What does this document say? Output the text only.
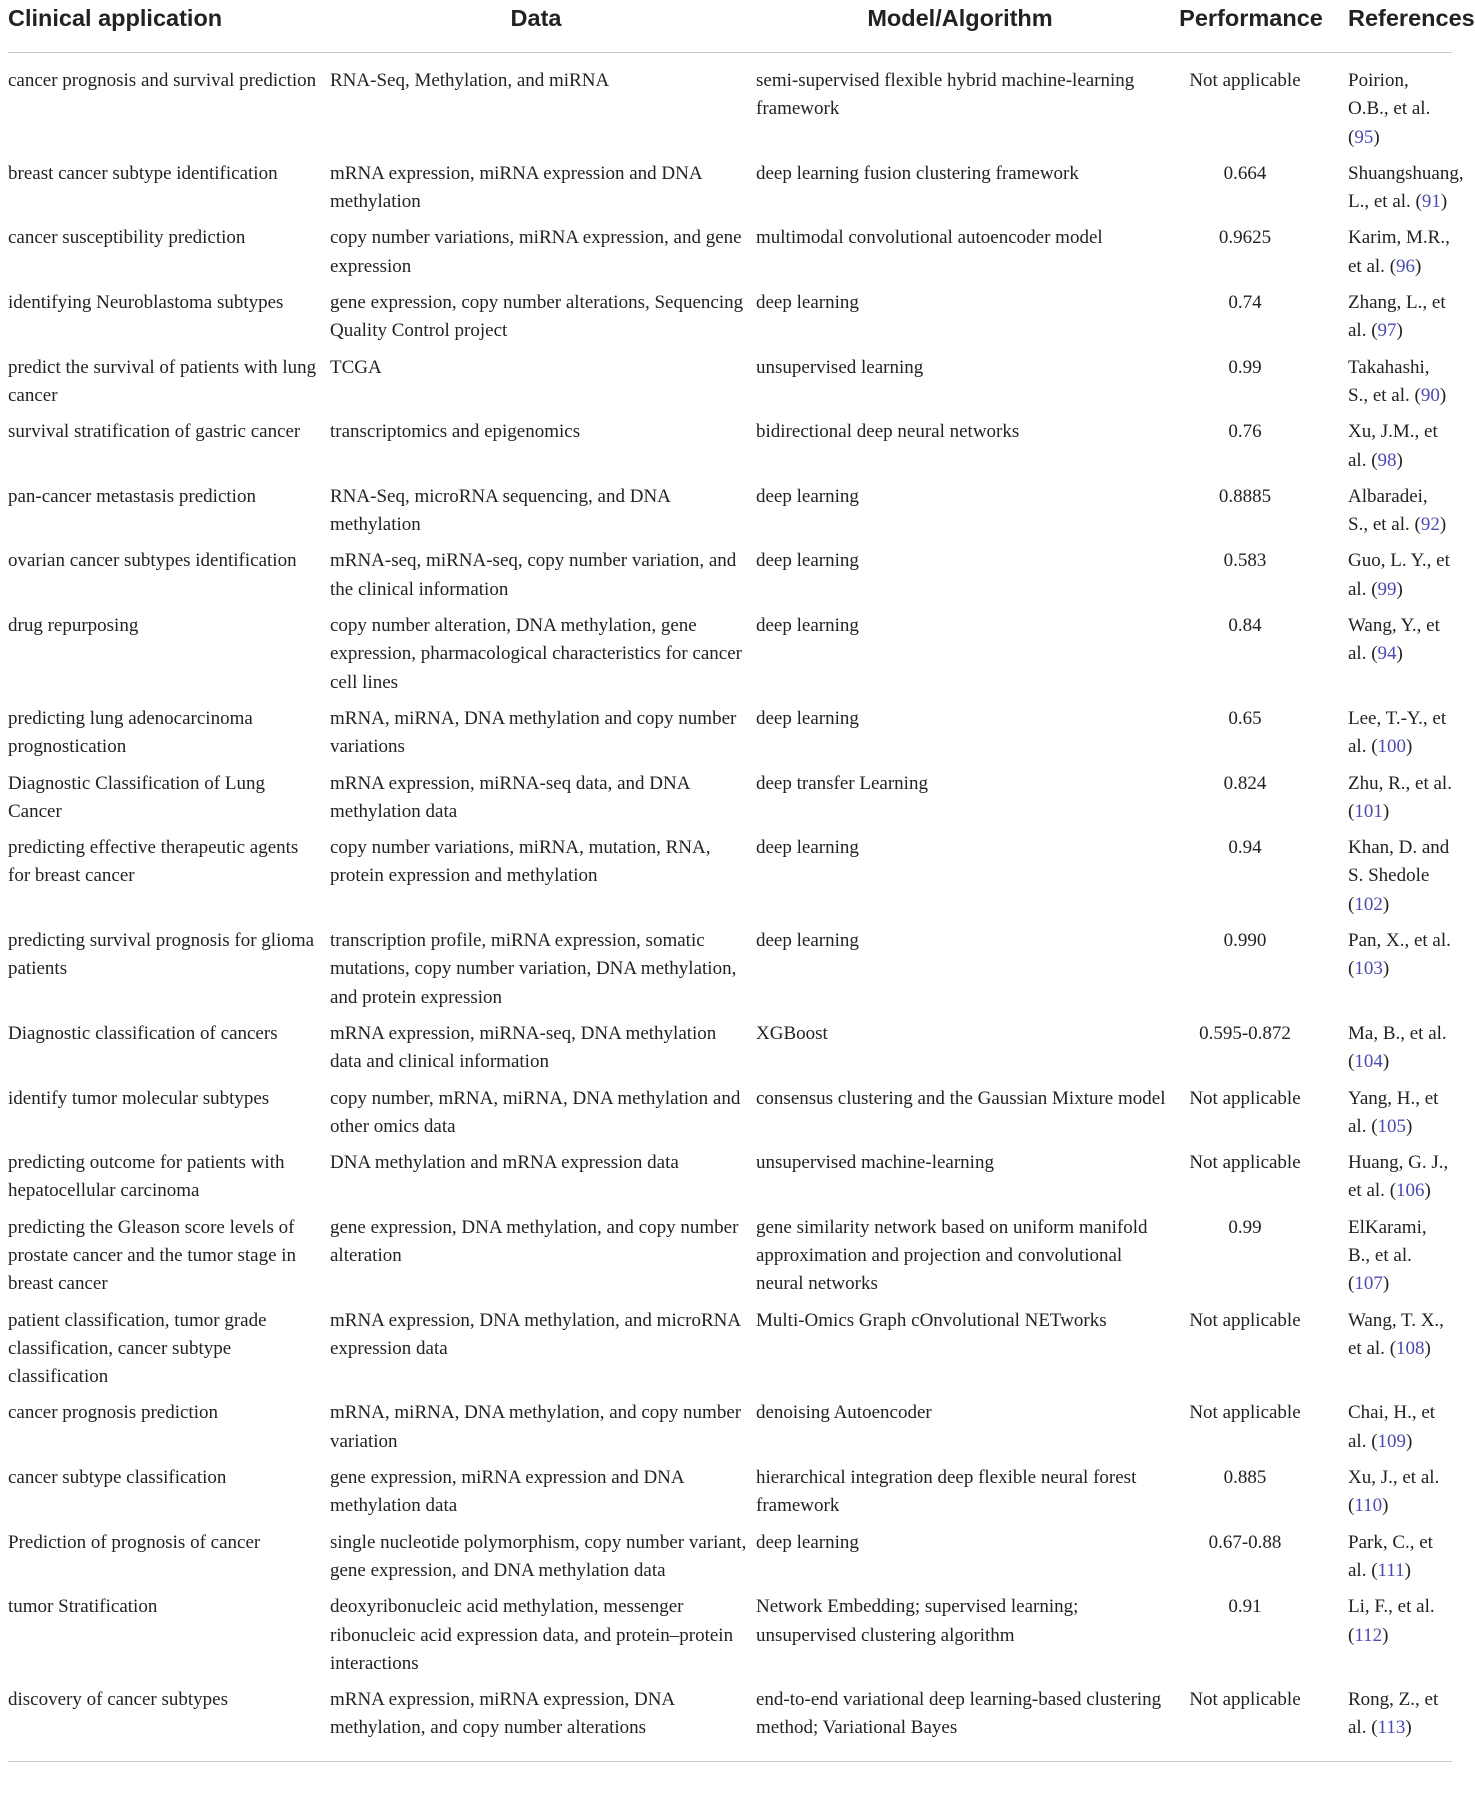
Clinical application	Data	Model/Algorithm	Performance	References
cancer prognosis and survival prediction	RNA-Seq, Methylation, and miRNA	semi-supervised flexible hybrid machine-learning framework	Not applicable	Poirion, O.B., et al. (95)
breast cancer subtype identification	mRNA expression, miRNA expression and DNA methylation	deep learning fusion clustering framework	0.664	Shuangshuang, L., et al. (91)
cancer susceptibility prediction	copy number variations, miRNA expression, and gene expression	multimodal convolutional autoencoder model	0.9625	Karim, M.R., et al. (96)
identifying Neuroblastoma subtypes	gene expression, copy number alterations, Sequencing Quality Control project	deep learning	0.74	Zhang, L., et al. (97)
predict the survival of patients with lung cancer	TCGA	unsupervised learning	0.99	Takahashi, S., et al. (90)
survival stratification of gastric cancer	transcriptomics and epigenomics	bidirectional deep neural networks	0.76	Xu, J.M., et al. (98)
pan-cancer metastasis prediction	RNA-Seq, microRNA sequencing, and DNA methylation	deep learning	0.8885	Albaradei, S., et al. (92)
ovarian cancer subtypes identification	mRNA-seq, miRNA-seq, copy number variation, and the clinical information	deep learning	0.583	Guo, L. Y., et al. (99)
drug repurposing	copy number alteration, DNA methylation, gene expression, pharmacological characteristics for cancer cell lines	deep learning	0.84	Wang, Y., et al. (94)
predicting lung adenocarcinoma prognostication	mRNA, miRNA, DNA methylation and copy number variations	deep learning	0.65	Lee, T.-Y., et al. (100)
Diagnostic Classification of Lung Cancer	mRNA expression, miRNA-seq data, and DNA methylation data	deep transfer Learning	0.824	Zhu, R., et al. (101)
predicting effective therapeutic agents for breast cancer	copy number variations, miRNA, mutation, RNA, protein expression and methylation	deep learning	0.94	Khan, D. and S. Shedole (102)
predicting survival prognosis for glioma patients	transcription profile, miRNA expression, somatic mutations, copy number variation, DNA methylation, and protein expression	deep learning	0.990	Pan, X., et al. (103)
Diagnostic classification of cancers	mRNA expression, miRNA-seq, DNA methylation data and clinical information	XGBoost	0.595-0.872	Ma, B., et al. (104)
identify tumor molecular subtypes	copy number, mRNA, miRNA, DNA methylation and other omics data	consensus clustering and the Gaussian Mixture model	Not applicable	Yang, H., et al. (105)
predicting outcome for patients with hepatocellular carcinoma	DNA methylation and mRNA expression data	unsupervised machine-learning	Not applicable	Huang, G. J., et al. (106)
predicting the Gleason score levels of prostate cancer and the tumor stage in breast cancer	gene expression, DNA methylation, and copy number alteration	gene similarity network based on uniform manifold approximation and projection and convolutional neural networks	0.99	ElKarami, B., et al. (107)
patient classification, tumor grade classification, cancer subtype classification	mRNA expression, DNA methylation, and microRNA expression data	Multi-Omics Graph cOnvolutional NETworks	Not applicable	Wang, T. X., et al. (108)
cancer prognosis prediction	mRNA, miRNA, DNA methylation, and copy number variation	denoising Autoencoder	Not applicable	Chai, H., et al. (109)
cancer subtype classification	gene expression, miRNA expression and DNA methylation data	hierarchical integration deep flexible neural forest framework	0.885	Xu, J., et al. (110)
Prediction of prognosis of cancer	single nucleotide polymorphism, copy number variant, gene expression, and DNA methylation data	deep learning	0.67-0.88	Park, C., et al. (111)
tumor Stratification	deoxyribonucleic acid methylation, messenger ribonucleic acid expression data, and protein–protein interactions	Network Embedding; supervised learning; unsupervised clustering algorithm	0.91	Li, F., et al. (112)
discovery of cancer subtypes	mRNA expression, miRNA expression, DNA methylation, and copy number alterations	end-to-end variational deep learning-based clustering method; Variational Bayes	Not applicable	Rong, Z., et al. (113)
